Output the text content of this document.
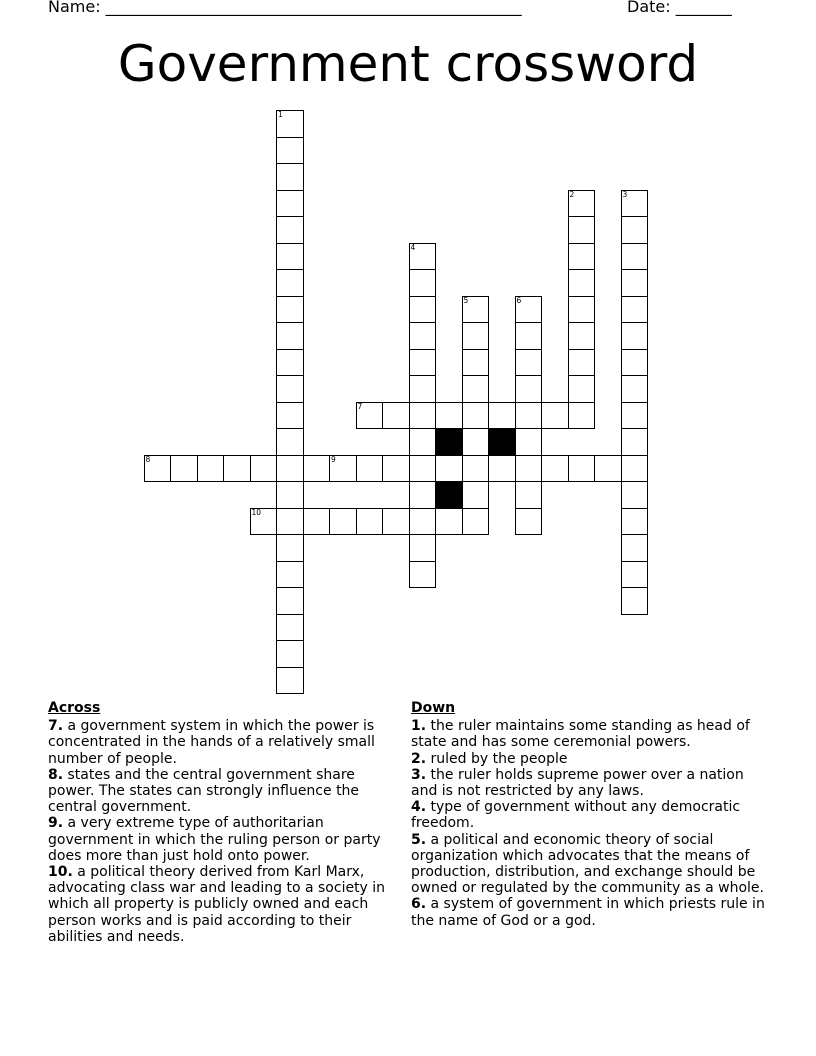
Name: ____________________________________________________	Date: _______
Government crossword
1
2	3
4
5	6
7
8	9
10
Across

7. a government system in which the power is concentrated in the hands of a relatively small number of people.

8. states and the central government share power. The states can strongly influence the central government.

9. a very extreme type of authoritarian government in which the ruling person or party does more than just hold onto power.

10. a political theory derived from Karl Marx, advocating class war and leading to a society in which all property is publicly owned and each person works and is paid according to their abilities and needs.

Down

1. the ruler maintains some standing as head of state and has some ceremonial powers.

2. ruled by the people

3. the ruler holds supreme power over a nation and is not restricted by any laws.

4. type of government without any democratic freedom.

5. a political and economic theory of social organization which advocates that the means of production, distribution, and exchange should be owned or regulated by the community as a whole.

6. a system of government in which priests rule in the name of God or a god.
